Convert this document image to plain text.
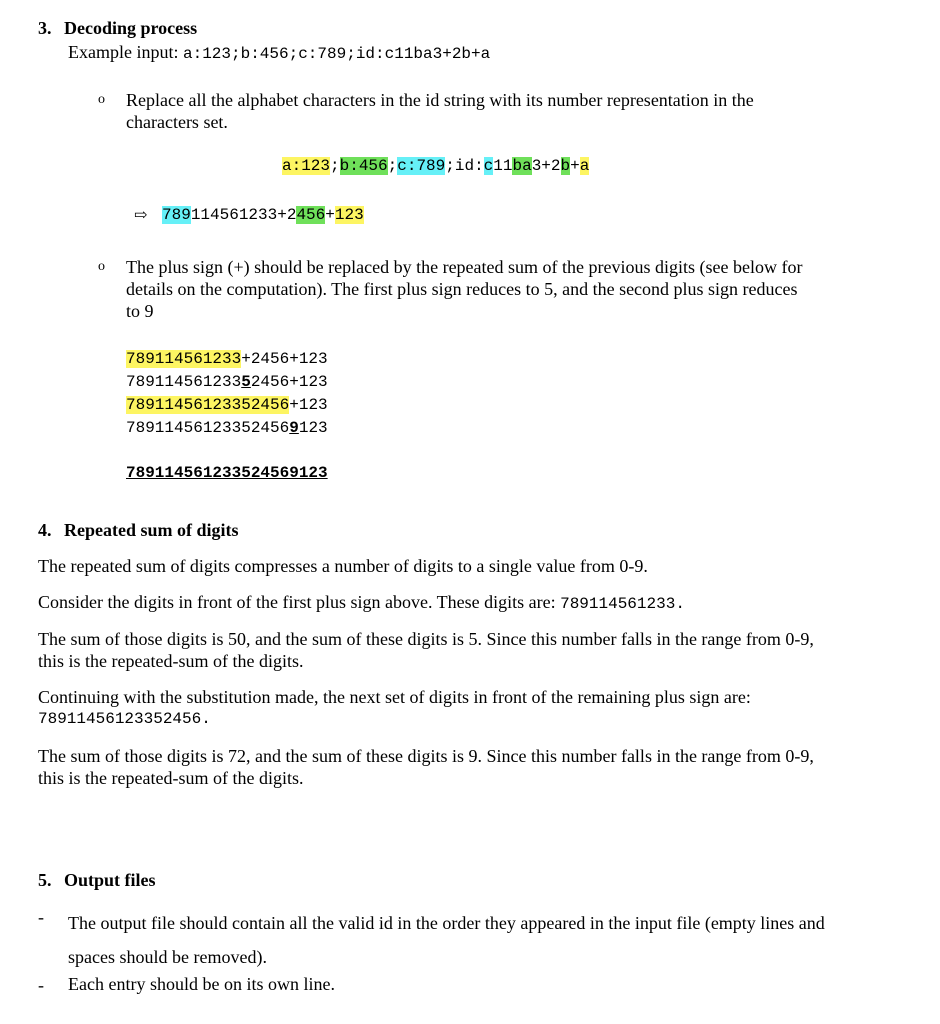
3. Decoding process
Example input: a:123;b:456;c:789;id:c11ba3+2b+a
o Replace all the alphabet characters in the id string with its number representation in the
characters set.
a:123;b:456;c:789;id:c11ba3+2b+a
⇨ 789114561233+2456+123
o The plus sign (+) should be replaced by the repeated sum of the previous digits (see below for
details on the computation). The first plus sign reduces to 5, and the second plus sign reduces
to 9
789114561233+2456+123
78911456123352456+123
78911456123352456+123
789114561233524569123
789114561233524569123
4. Repeated sum of digits
The repeated sum of digits compresses a number of digits to a single value from 0-9.
Consider the digits in front of the first plus sign above. These digits are: 789114561233.
The sum of those digits is 50, and the sum of these digits is 5. Since this number falls in the range from 0-9,
this is the repeated-sum of the digits.
Continuing with the substitution made, the next set of digits in front of the remaining plus sign are:
78911456123352456.
The sum of those digits is 72, and the sum of these digits is 9. Since this number falls in the range from 0-9,
this is the repeated-sum of the digits.
5. Output files
- The output file should contain all the valid id in the order they appeared in the input file (empty lines and
spaces should be removed).
- Each entry should be on its own line.
